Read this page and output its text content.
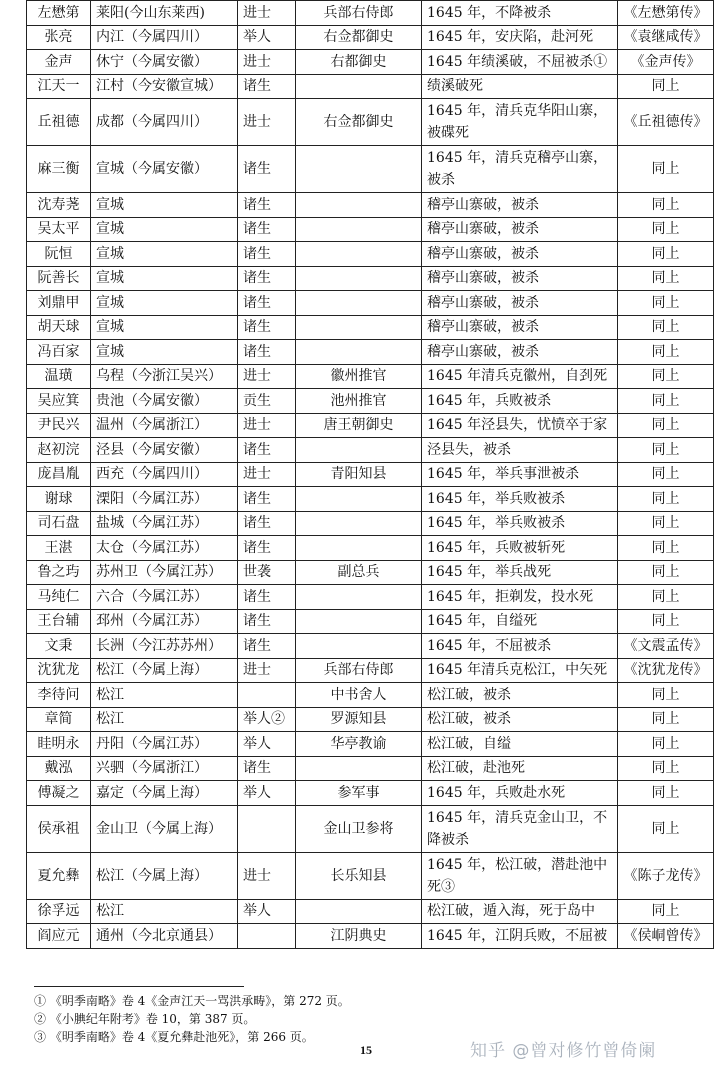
左懋第	莱阳(今山东莱西)	进士	兵部右侍郎	1645 年，不降被杀	《左懋第传》
张亮	内江（今属四川）	举人	右佥都御史	1645 年，安庆陷，赴河死	《袁继咸传》
金声	休宁（今属安徽）	进士	右都御史	1645 年绩溪破，不屈被杀①	《金声传》
江天一	江村（今安徽宣城）	诸生		绩溪破死	同上
丘祖德	成都（今属四川）	进士	右佥都御史	1645 年，清兵克华阳山寨，被碟死	《丘祖德传》
麻三衡	宣城（今属安徽）	诸生		1645 年，清兵克稽亭山寨，被杀	同上
沈寿荛	宣城	诸生		稽亭山寨破，被杀	同上
吴太平	宣城	诸生		稽亭山寨破，被杀	同上
阮恒	宣城	诸生		稽亭山寨破，被杀	同上
阮善长	宣城	诸生		稽亭山寨破，被杀	同上
刘鼎甲	宣城	诸生		稽亭山寨破，被杀	同上
胡天球	宣城	诸生		稽亭山寨破，被杀	同上
冯百家	宣城	诸生		稽亭山寨破，被杀	同上
温璜	乌程（今浙江吴兴）	进士	徽州推官	1645 年清兵克徽州，自刭死	同上
吴应箕	贵池（今属安徽）	贡生	池州推官	1645 年，兵败被杀	同上
尹民兴	温州（今属浙江）	进士	唐王朝御史	1645 年泾县失，忧愤卒于家	同上
赵初浣	泾县（今属安徽）	诸生		泾县失，被杀	同上
庞昌胤	西充（今属四川）	进士	青阳知县	1645 年，举兵事泄被杀	同上
谢球	溧阳（今属江苏）	诸生		1645 年，举兵败被杀	同上
司石盘	盐城（今属江苏）	诸生		1645 年，举兵败被杀	同上
王湛	太仓（今属江苏）	诸生		1645 年，兵败被斩死	同上
鲁之玙	苏州卫（今属江苏）	世袭	副总兵	1645 年，举兵战死	同上
马纯仁	六合（今属江苏）	诸生		1645 年，拒剃发，投水死	同上
王台辅	邳州（今属江苏）	诸生		1645 年，自缢死	同上
文秉	长洲（今江苏苏州）	诸生		1645 年，不屈被杀	《文震孟传》
沈犹龙	松江（今属上海）	进士	兵部右侍郎	1645 年清兵克松江，中矢死	《沈犹龙传》
李待问	松江		中书舍人	松江破，被杀	同上
章简	松江	举人②	罗源知县	松江破，被杀	同上
眭明永	丹阳（今属江苏）	举人	华亭教谕	松江破，自缢	同上
戴泓	兴驷（今属浙江）	诸生		松江破，赴池死	同上
傅凝之	嘉定（今属上海）	举人	参军事	1645 年，兵败赴水死	同上
侯承祖	金山卫（今属上海）		金山卫参将	1645 年，清兵克金山卫，不降被杀	同上
夏允彝	松江（今属上海）	进士	长乐知县	1645 年，松江破，潜赴池中死③	《陈子龙传》
徐孚远	松江	举人		松江破，遁入海，死于岛中	同上
阎应元	通州（今北京通县）		江阴典史	1645 年，江阴兵败，不屈被	《侯峒曾传》
① 《明季南略》卷 4《金声江天一骂洪承畴》，第 272 页。
② 《小腆纪年附考》卷 10，第 387 页。
③ 《明季南略》卷 4《夏允彝赴池死》，第 266 页。
15	知乎 @曾对修竹曾倚阑
